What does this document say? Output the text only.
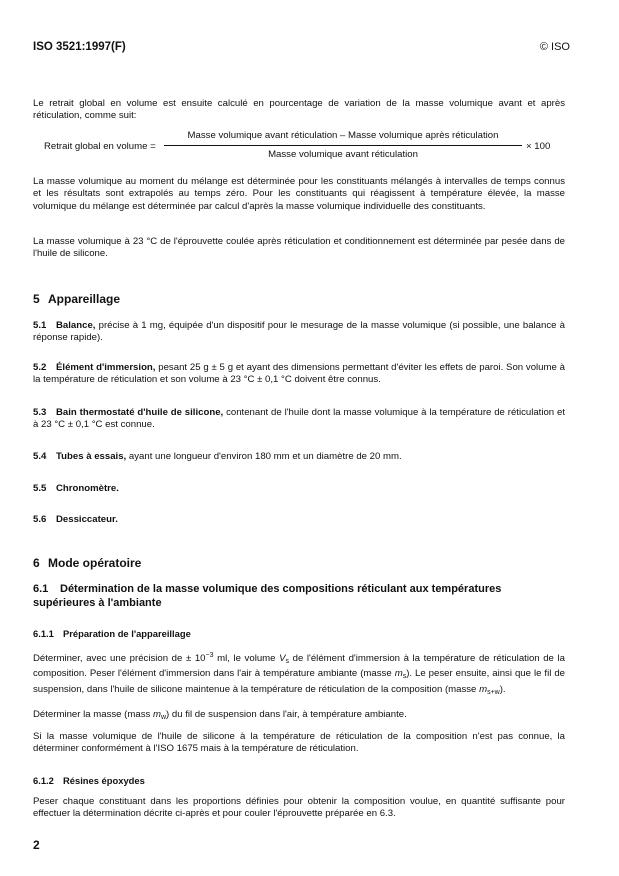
ISO 3521:1997(F)	© ISO

Le retrait global en volume est ensuite calculé en pourcentage de variation de la masse volumique avant et après réticulation, comme suit:

Retrait global en volume =
Masse volumique avant réticulation – Masse volumique après réticulation
Masse volumique avant réticulation
× 100

La masse volumique au moment du mélange est déterminée pour les constituants mélangés à intervalles de temps connus et les résultats sont extrapolés au temps zéro. Pour les constituants qui réagissent à température élevée, la masse volumique du mélange est déterminée par calcul d'après la masse volumique individuelle des constituants.

La masse volumique à 23 °C de l'éprouvette coulée après réticulation et conditionnement est déterminée par pesée dans de l'huile de silicone.

5 Appareillage

5.1 Balance, précise à 1 mg, équipée d'un dispositif pour le mesurage de la masse volumique (si possible, une balance à réponse rapide).

5.2 Élément d'immersion, pesant 25 g ± 5 g et ayant des dimensions permettant d'éviter les effets de paroi. Son volume à la température de réticulation et son volume à 23 °C ± 0,1 °C doivent être connus.

5.3 Bain thermostaté d'huile de silicone, contenant de l'huile dont la masse volumique à la température de réticulation et à 23 °C ± 0,1 °C est connue.

5.4 Tubes à essais, ayant une longueur d'environ 180 mm et un diamètre de 20 mm.

5.5 Chronomètre.

5.6 Dessiccateur.

6 Mode opératoire
6.1 Détermination de la masse volumique des compositions réticulant aux températures supérieures à l'ambiante
6.1.1 Préparation de l'appareillage

Déterminer, avec une précision de ± $10^{-3}$ ml, le volume $V_s$ de l'élément d'immersion à la température de réticulation de la composition. Peser l'élément d'immersion dans l'air à température ambiante (masse $m_s$). Le peser ensuite, ainsi que le fil de suspension, dans l'huile de silicone maintenue à la température de réticulation de la composition (masse $m_{s+w}$).

Déterminer la masse (mass $m_w$) du fil de suspension dans l'air, à température ambiante.

Si la masse volumique de l'huile de silicone à la température de réticulation de la composition n'est pas connue, la déterminer conformément à l'ISO 1675 mais à la température de réticulation.

6.1.2 Résines époxydes

Peser chaque constituant dans les proportions définies pour obtenir la composition voulue, en quantité suffisante pour effectuer la détermination décrite ci-après et pour couler l'éprouvette préparée en 6.3.

2
